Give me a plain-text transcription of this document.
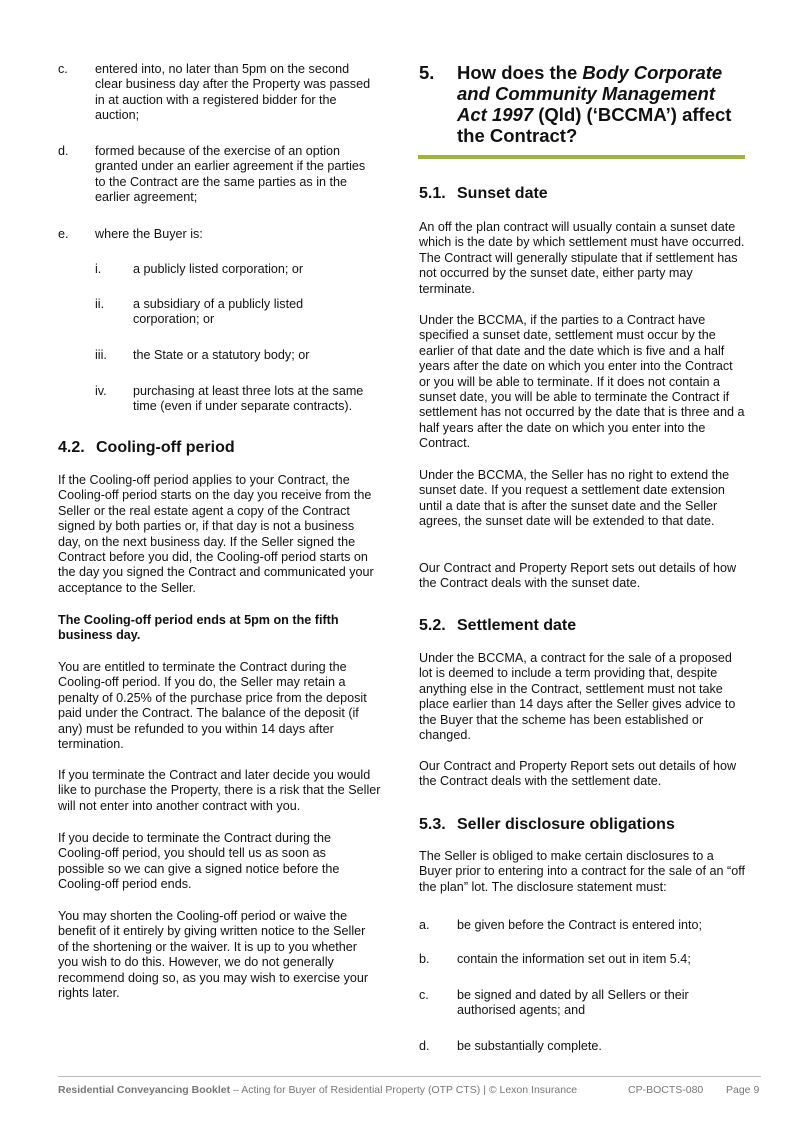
c. entered into, no later than 5pm on the second clear business day after the Property was passed in at auction with a registered bidder for the auction;
d. formed because of the exercise of an option granted under an earlier agreement if the parties to the Contract are the same parties as in the earlier agreement;
e. where the Buyer is:
i.	a publicly listed corporation; or
ii. a subsidiary of a publicly listed corporation; or
iii. the State or a statutory body; or
iv. purchasing at least three lots at the same time (even if under separate contracts).
4.2. Cooling-off period

If the Cooling-off period applies to your Contract, the Cooling-off period starts on the day you receive from the Seller or the real estate agent a copy of the Contract signed by both parties or, if that day is not a business day, on the next business day. If the Seller signed the Contract before you did, the Cooling-off period starts on the day you signed the Contract and communicated your acceptance to the Seller.

The Cooling-off period ends at 5pm on the fifth business day.

You are entitled to terminate the Contract during the Cooling-off period. If you do, the Seller may retain a penalty of 0.25% of the purchase price from the deposit paid under the Contract. The balance of the deposit (if any) must be refunded to you within 14 days after termination.

If you terminate the Contract and later decide you would like to purchase the Property, there is a risk that the Seller will not enter into another contract with you.

If you decide to terminate the Contract during the Cooling-off period, you should tell us as soon as possible so we can give a signed notice before the Cooling-off period ends.

You may shorten the Cooling-off period or waive the benefit of it entirely by giving written notice to the Seller of the shortening or the waiver. It is up to you whether you wish to do this. However, we do not generally recommend doing so, as you may wish to exercise your rights later.

5. How does the Body Corporate and Community Management Act 1997 (Qld) (‘BCCMA’) affect the Contract?
5.1. Sunset date

An off the plan contract will usually contain a sunset date which is the date by which settlement must have occurred. The Contract will generally stipulate that if settlement has not occurred by the sunset date, either party may terminate.

Under the BCCMA, if the parties to a Contract have specified a sunset date, settlement must occur by the earlier of that date and the date which is five and a half years after the date on which you enter into the Contract or you will be able to terminate. If it does not contain a sunset date, you will be able to terminate the Contract if settlement has not occurred by the date that is three and a half years after the date on which you enter into the Contract.

Under the BCCMA, the Seller has no right to extend the sunset date. If you request a settlement date extension until a date that is after the sunset date and the Seller agrees, the sunset date will be extended to that date.

Our Contract and Property Report sets out details of how the Contract deals with the sunset date.

5.2. Settlement date

Under the BCCMA, a contract for the sale of a proposed lot is deemed to include a term providing that, despite anything else in the Contract, settlement must not take place earlier than 14 days after the Seller gives advice to the Buyer that the scheme has been established or changed.

Our Contract and Property Report sets out details of how the Contract deals with the settlement date.

5.3. Seller disclosure obligations

The Seller is obliged to make certain disclosures to a Buyer prior to entering into a contract for the sale of an “off the plan” lot. The disclosure statement must:

a. be given before the Contract is entered into;
b. contain the information set out in item 5.4;
c. be signed and dated by all Sellers or their authorised agents; and
d. be substantially complete.
Residential Conveyancing Booklet – Acting for Buyer of Residential Property (OTP CTS) | © Lexon Insurance	CP-BOCTS-080 Page 9
